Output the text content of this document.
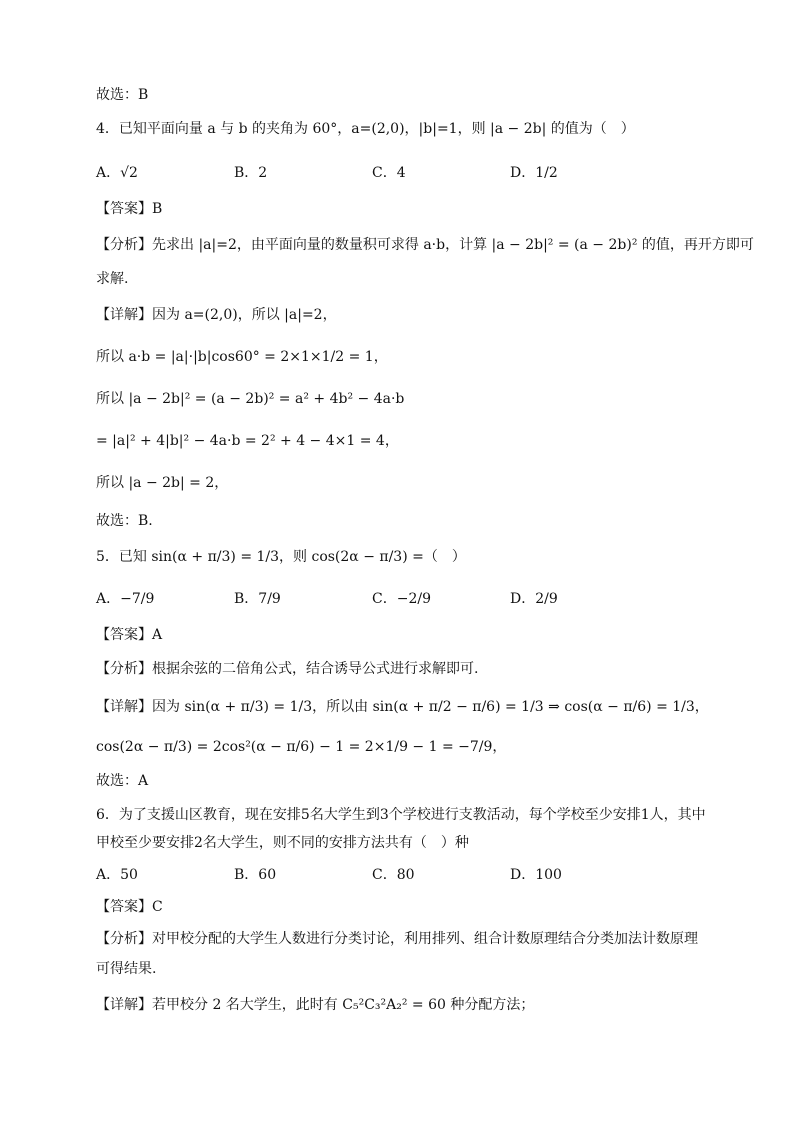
故选：B
4．已知平面向量 a 与 b 的夹角为 60°，a=(2,0)，|b|=1，则 |a − 2b| 的值为（　）
A．√2	B．2	C．4	D．1/2
【答案】B
【分析】先求出 |a|=2，由平面向量的数量积可求得 a·b，计算 |a − 2b|² = (a − 2b)² 的值，再开方即可
求解.
【详解】因为 a=(2,0)，所以 |a|=2，
所以 a·b = |a|·|b|cos60° = 2×1×1/2 = 1，
所以 |a − 2b|² = (a − 2b)² = a² + 4b² − 4a·b
= |a|² + 4|b|² − 4a·b = 2² + 4 − 4×1 = 4，
所以 |a − 2b| = 2，
故选：B.
5．已知 sin(α + π/3) = 1/3，则 cos(2α − π/3) =（　）
A．−7/9	B．7/9	C．−2/9	D．2/9
【答案】A
【分析】根据余弦的二倍角公式，结合诱导公式进行求解即可.
【详解】因为 sin(α + π/3) = 1/3，所以由 sin(α + π/2 − π/6) = 1/3 ⇒ cos(α − π/6) = 1/3，
cos(2α − π/3) = 2cos²(α − π/6) − 1 = 2×1/9 − 1 = −7/9，
故选：A
6．为了支援山区教育，现在安排5名大学生到3个学校进行支教活动，每个学校至少安排1人，其中
甲校至少要安排2名大学生，则不同的安排方法共有（　）种
A．50	B．60	C．80	D．100
【答案】C
【分析】对甲校分配的大学生人数进行分类讨论，利用排列、组合计数原理结合分类加法计数原理
可得结果.
【详解】若甲校分 2 名大学生，此时有 C₅²C₃²A₂² = 60 种分配方法；
